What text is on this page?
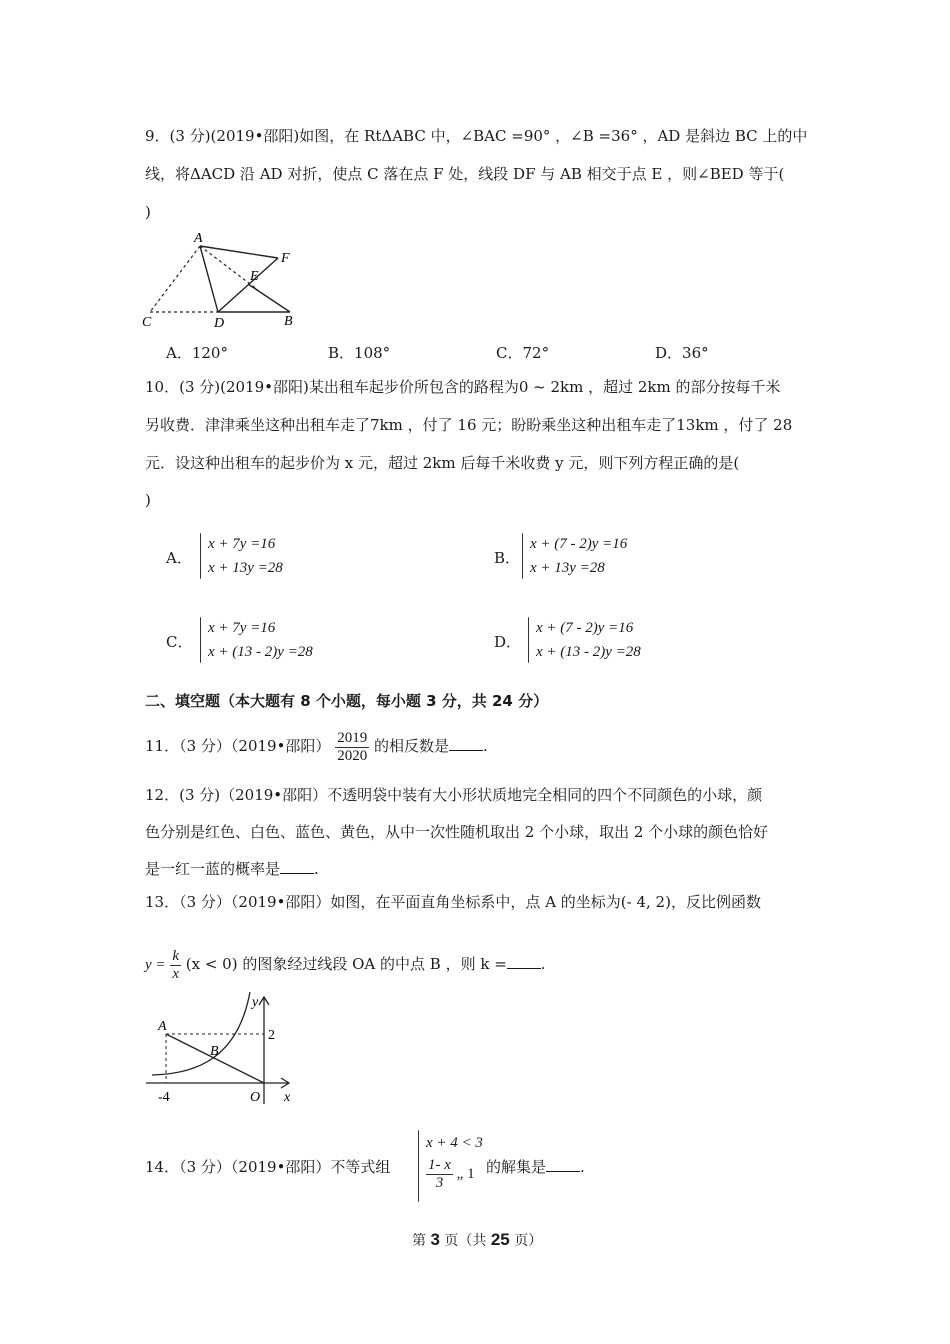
9．(3 分)(2019•邵阳)如图，在 RtΔABC 中，∠BAC =90° ，∠B =36° ，AD 是斜边 BC 上的中
线，将ΔACD 沿 AD 对折，使点 C 落在点 F 处，线段 DF 与 AB 相交于点 E ，则∠BED 等于(
)
A
F
E
C	D	B
A．120°	B．108°	C．72°	D．36°
10．(3 分)(2019•邵阳)某出租车起步价所包含的路程为0 ~ 2km ，超过 2km 的部分按每千米
另收费．津津乘坐这种出租车走了7km ，付了 16 元；盼盼乘坐这种出租车走了13km ，付了 28
元．设这种出租车的起步价为 x 元，超过 2km 后每千米收费 y 元，则下列方程正确的是(
)
A．
x + 7y =16
x + 13y =28
B．
x + (7 - 2)y =16
x + 13y =28
C．
x + 7y =16
x + (13 - 2)y =28
D．
x + (7 - 2)y =16
x + (13 - 2)y =28
二、填空题（本大题有 8 个小题，每小题 3 分，共 24 分）
11．（3 分）（2019•邵阳） $\frac{2019}{2020}$ 的相反数是 .
12．(3 分)（2019•邵阳）不透明袋中装有大小形状质地完全相同的四个不同颜色的小球，颜
色分别是红色、白色、蓝色、黄色，从中一次性随机取出 2 个小球，取出 2 个小球的颜色恰好
是一红一蓝的概率是 .
13．（3 分）（2019•邵阳）如图，在平面直角坐标系中，点 A 的坐标为(- 4, 2)，反比例函数
$y = \frac{k}{x} (x < 0)$ 的图象经过线段 OA 的中点 B ，则 k = .
y
A
B
2
-4	O x
14．（3 分）（2019•邵阳）不等式组
x + 4 < 3
$\frac{1- x}{3}$ „ 1 的解集是 .
第 3 页（共 25 页）
